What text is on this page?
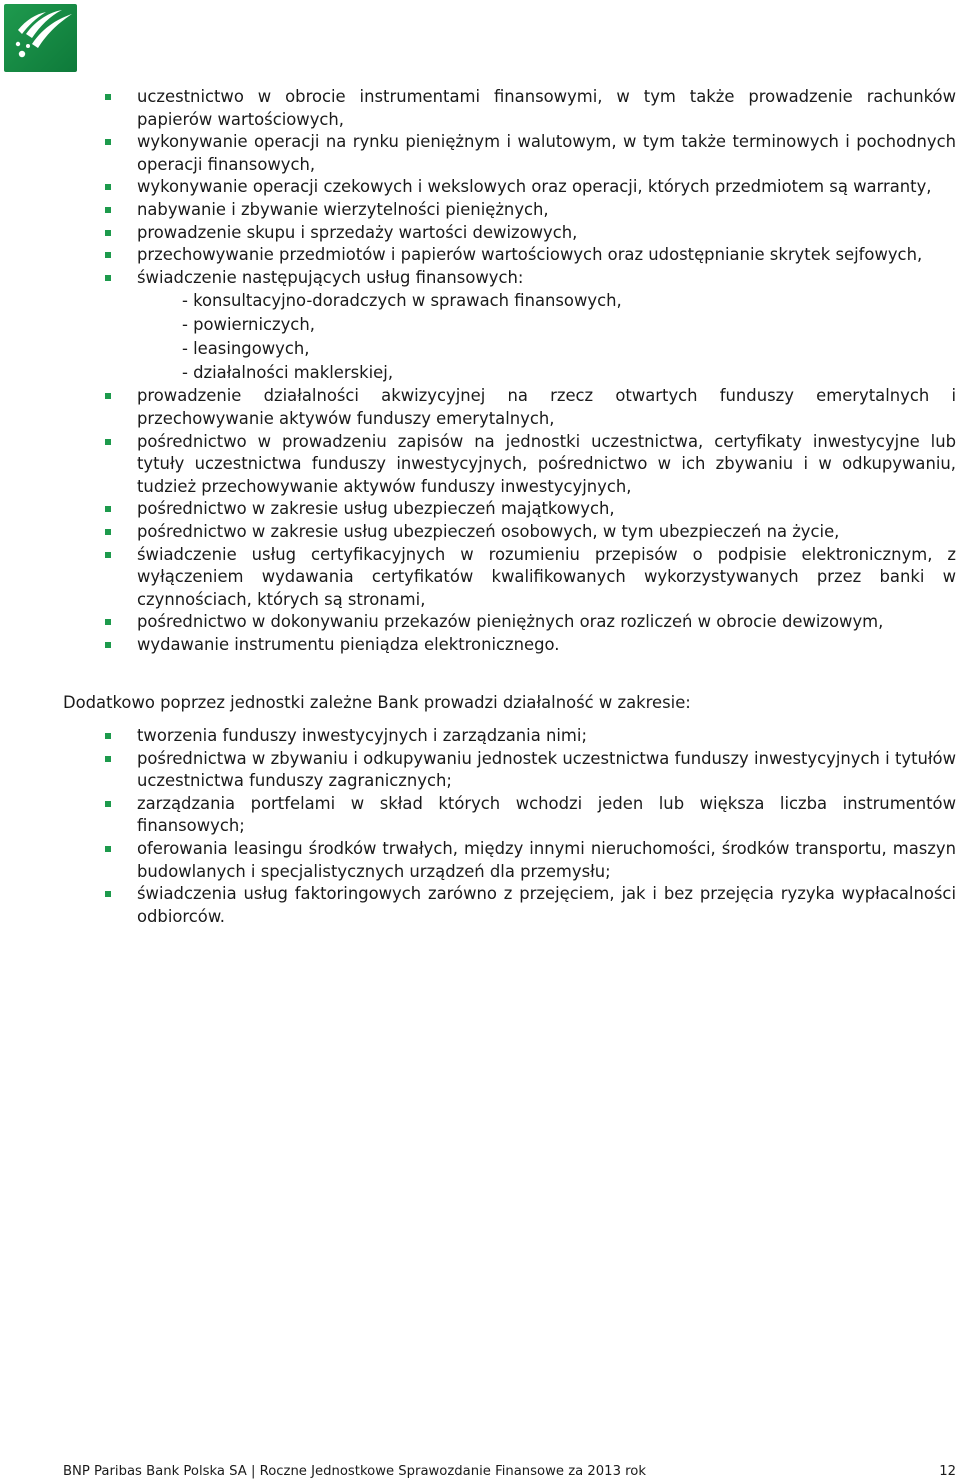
uczestnictwo w obrocie instrumentami finansowymi, w tym także prowadzenie rachunków papierów wartościowych,
wykonywanie operacji na rynku pieniężnym i walutowym, w tym także terminowych i pochodnych operacji finansowych,
wykonywanie operacji czekowych i wekslowych oraz operacji, których przedmiotem są warranty,
nabywanie i zbywanie wierzytelności pieniężnych,
prowadzenie skupu i sprzedaży wartości dewizowych,
przechowywanie przedmiotów i papierów wartościowych oraz udostępnianie skrytek sejfowych,
świadczenie następujących usług finansowych:
- konsultacyjno-doradczych w sprawach finansowych,
- powierniczych,
- leasingowych,
- działalności maklerskiej,
prowadzenie działalności akwizycyjnej na rzecz otwartych funduszy emerytalnych i przechowywanie aktywów funduszy emerytalnych,
pośrednictwo w prowadzeniu zapisów na jednostki uczestnictwa, certyfikaty inwestycyjne lub tytuły uczestnictwa funduszy inwestycyjnych, pośrednictwo w ich zbywaniu i w odkupywaniu, tudzież przechowywanie aktywów funduszy inwestycyjnych,
pośrednictwo w zakresie usług ubezpieczeń majątkowych,
pośrednictwo w zakresie usług ubezpieczeń osobowych, w tym ubezpieczeń na życie,
świadczenie usług certyfikacyjnych w rozumieniu przepisów o podpisie elektronicznym, z wyłączeniem wydawania certyfikatów kwalifikowanych wykorzystywanych przez banki w czynnościach, których są stronami,
pośrednictwo w dokonywaniu przekazów pieniężnych oraz rozliczeń w obrocie dewizowym,
wydawanie instrumentu pieniądza elektronicznego.

Dodatkowo poprzez jednostki zależne Bank prowadzi działalność w zakresie:

tworzenia funduszy inwestycyjnych i zarządzania nimi;
pośrednictwa w zbywaniu i odkupywaniu jednostek uczestnictwa funduszy inwestycyjnych i tytułów uczestnictwa funduszy zagranicznych;
zarządzania portfelami w skład których wchodzi jeden lub większa liczba instrumentów finansowych;
oferowania leasingu środków trwałych, między innymi nieruchomości, środków transportu, maszyn budowlanych i specjalistycznych urządzeń dla przemysłu;
świadczenia usług faktoringowych zarówno z przejęciem, jak i bez przejęcia ryzyka wypłacalności odbiorców.
BNP Paribas Bank Polska SA | Roczne Jednostkowe Sprawozdanie Finansowe za 2013 rok	12
